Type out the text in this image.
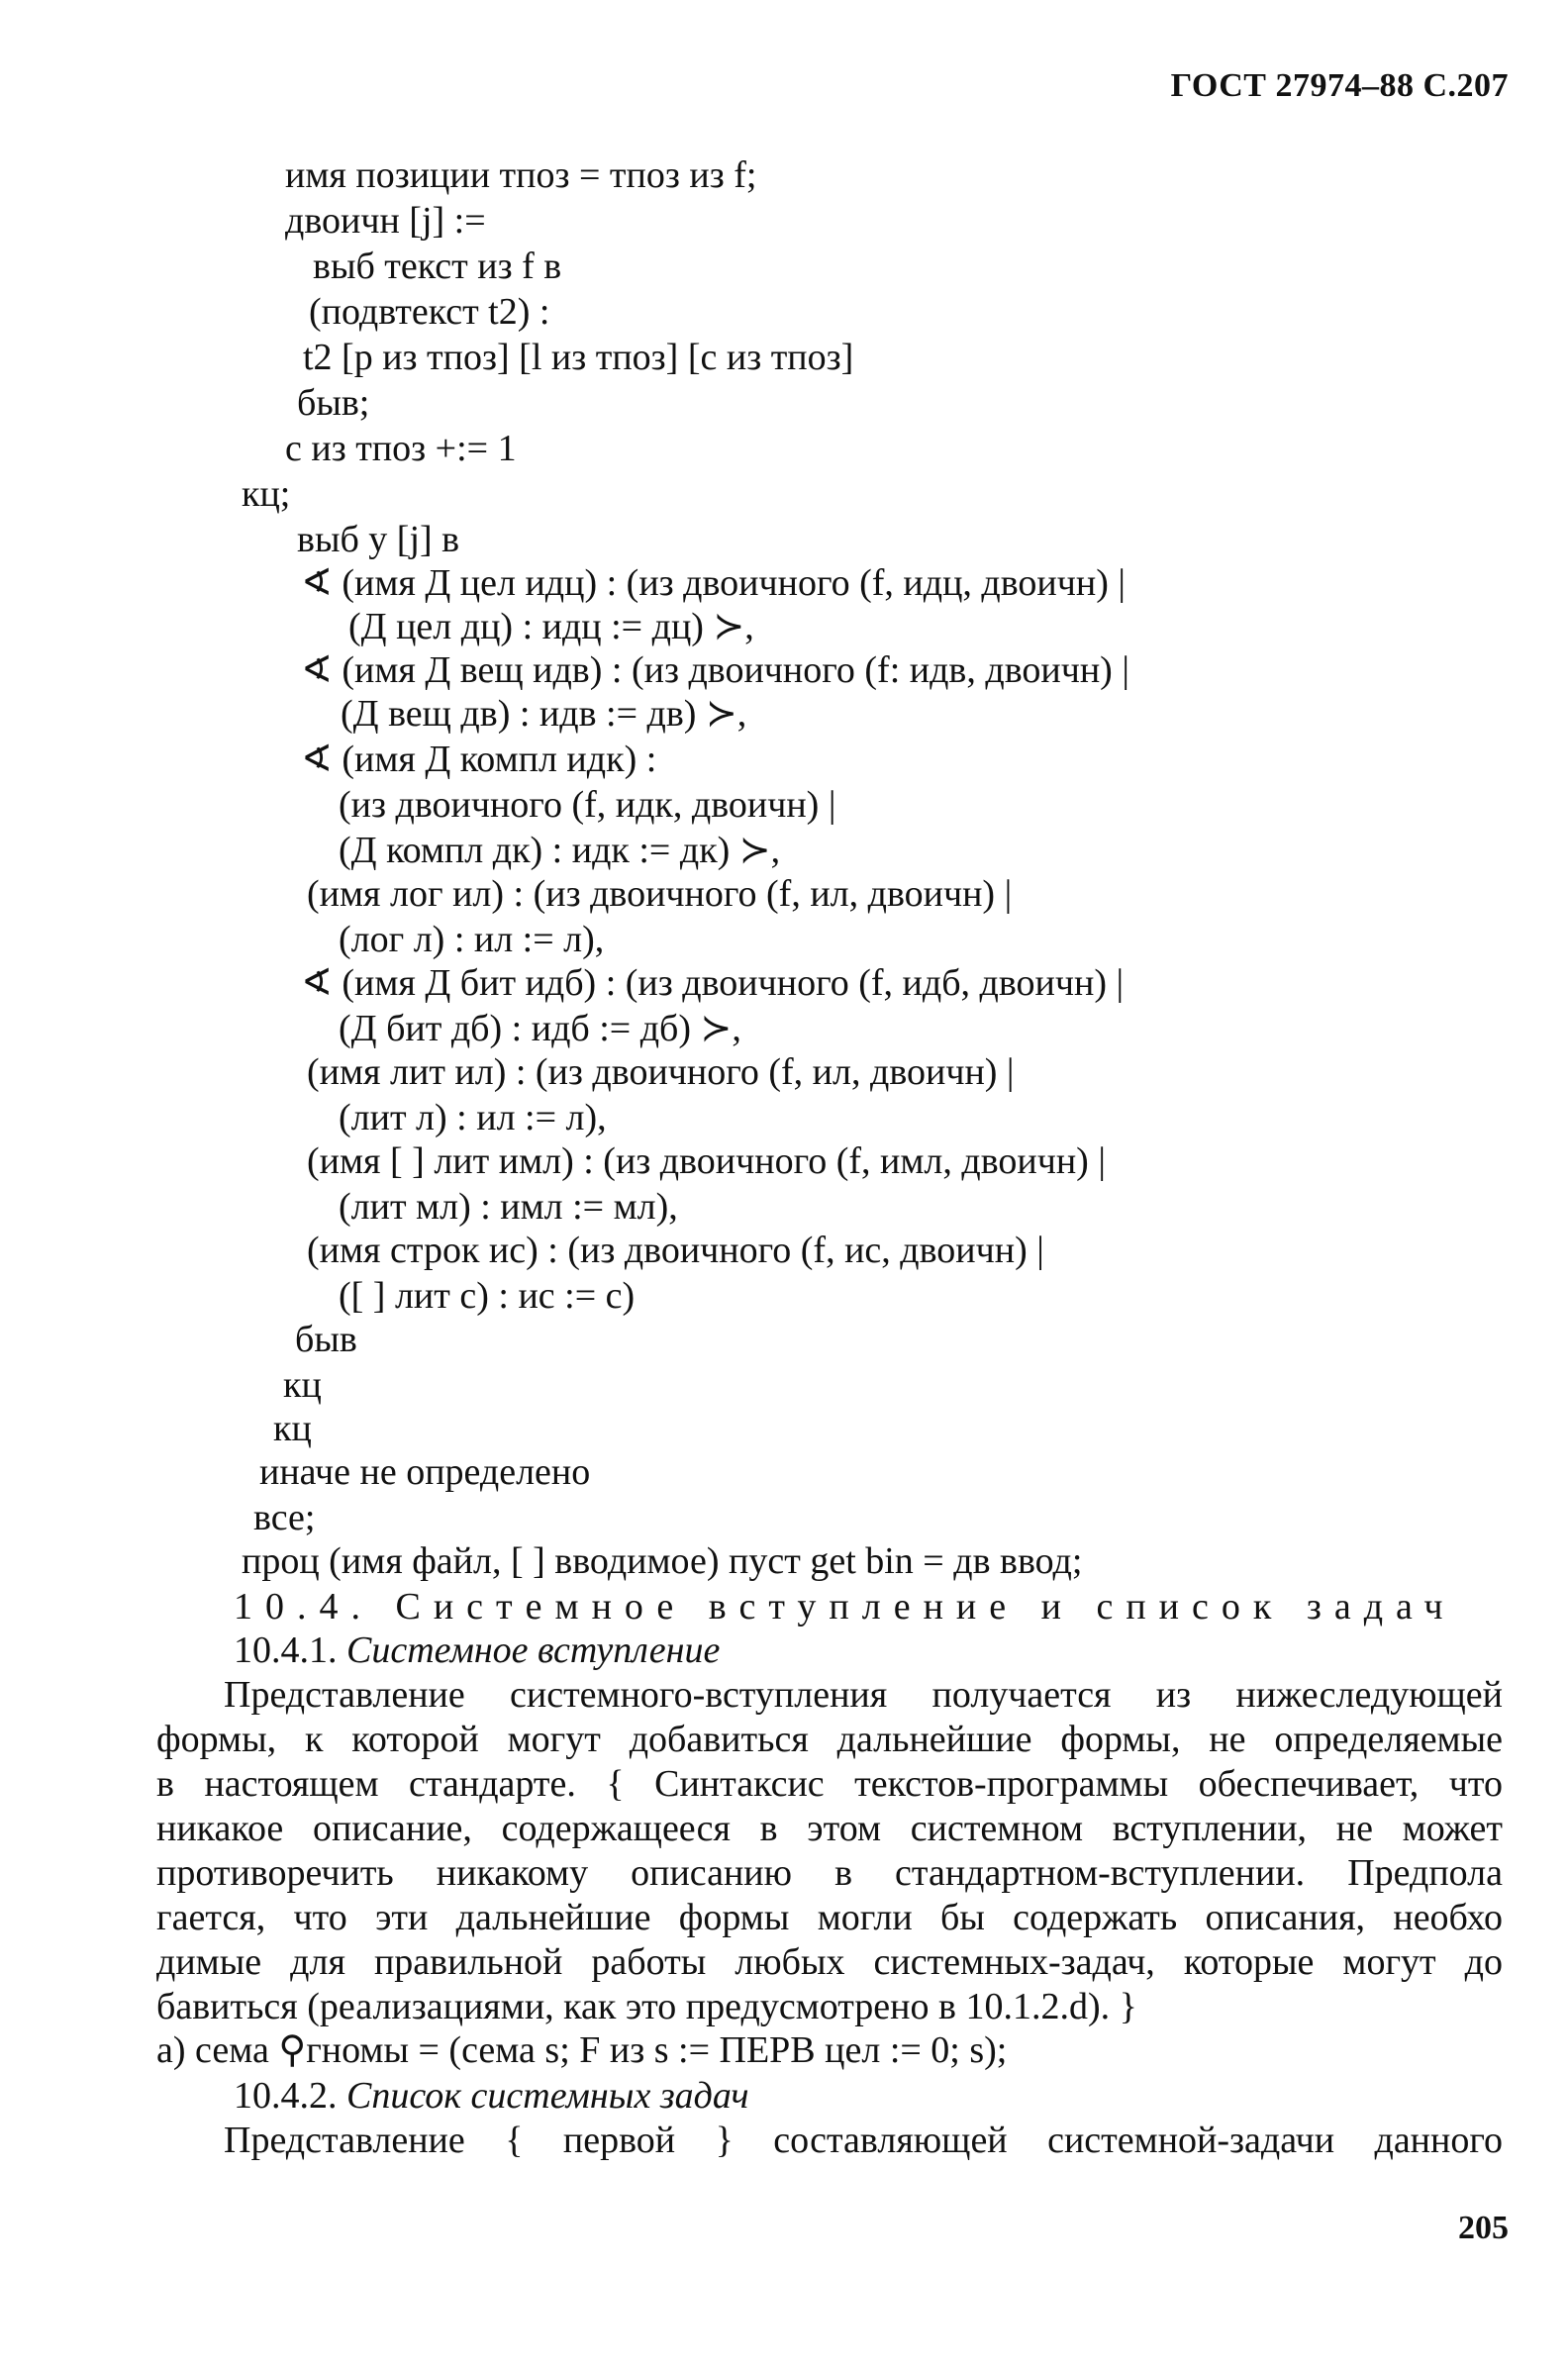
ГОСТ 27974–88 С.207
имя позиции тпоз = тпоз из f;
двоичн [j] :=
выб текст из f в
(подвтекст t2) :
t2 [р из тпоз] [l из тпоз] [с из тпоз]
быв;
с из тпоз +:= 1
кц;
выб у [j] в
∢ (имя Д цел идц) : (из двоичного (f, идц, двоичн) |
(Д цел дц) : идц := дц) ≻,
∢ (имя Д вещ идв) : (из двоичного (f: идв, двоичн) |
(Д вещ дв) : идв := дв) ≻,
∢ (имя Д компл идк) :
(из двоичного (f, идк, двоичн) |
(Д компл дк) : идк := дк) ≻,
(имя лог ил) : (из двоичного (f, ил, двоичн) |
(лог л) : ил := л),
∢ (имя Д бит идб) : (из двоичного (f, идб, двоичн) |
(Д бит дб) : идб := дб) ≻,
(имя лит ил) : (из двоичного (f, ил, двоичн) |
(лит л) : ил := л),
(имя [ ] лит имл) : (из двоичного (f, имл, двоичн) |
(лит мл) : имл := мл),
(имя строк ис) : (из двоичного (f, ис, двоичн) |
([ ] лит с) : ис := с)
быв
кц
кц
иначе не определено
все;
проц (имя файл, [ ] вводимое) пуст get bin = дв ввод;
10.4. Системное вступление и список задач
10.4.1. Системное вступление
Представление системного-вступления получается из нижеследующей
формы, к которой могут добавиться дальнейшие формы, не определяемые
в настоящем стандарте. { Синтаксис текстов-программы обеспечивает, что
никакое описание, содержащееся в этом системном вступлении, не может
противоречить никакому описанию в стандартном-вступлении. Предпола
гается, что эти дальнейшие формы могли бы содержать описания, необхо
димые для правильной работы любых системных-задач, которые могут до
бавиться (реализациями, как это предусмотрено в 10.1.2.d). }
а) сема ⚲гномы = (сема s; F из s := ПЕРВ цел := 0; s);
10.4.2. Список системных задач
Представление { первой } составляющей системной-задачи данного
205
